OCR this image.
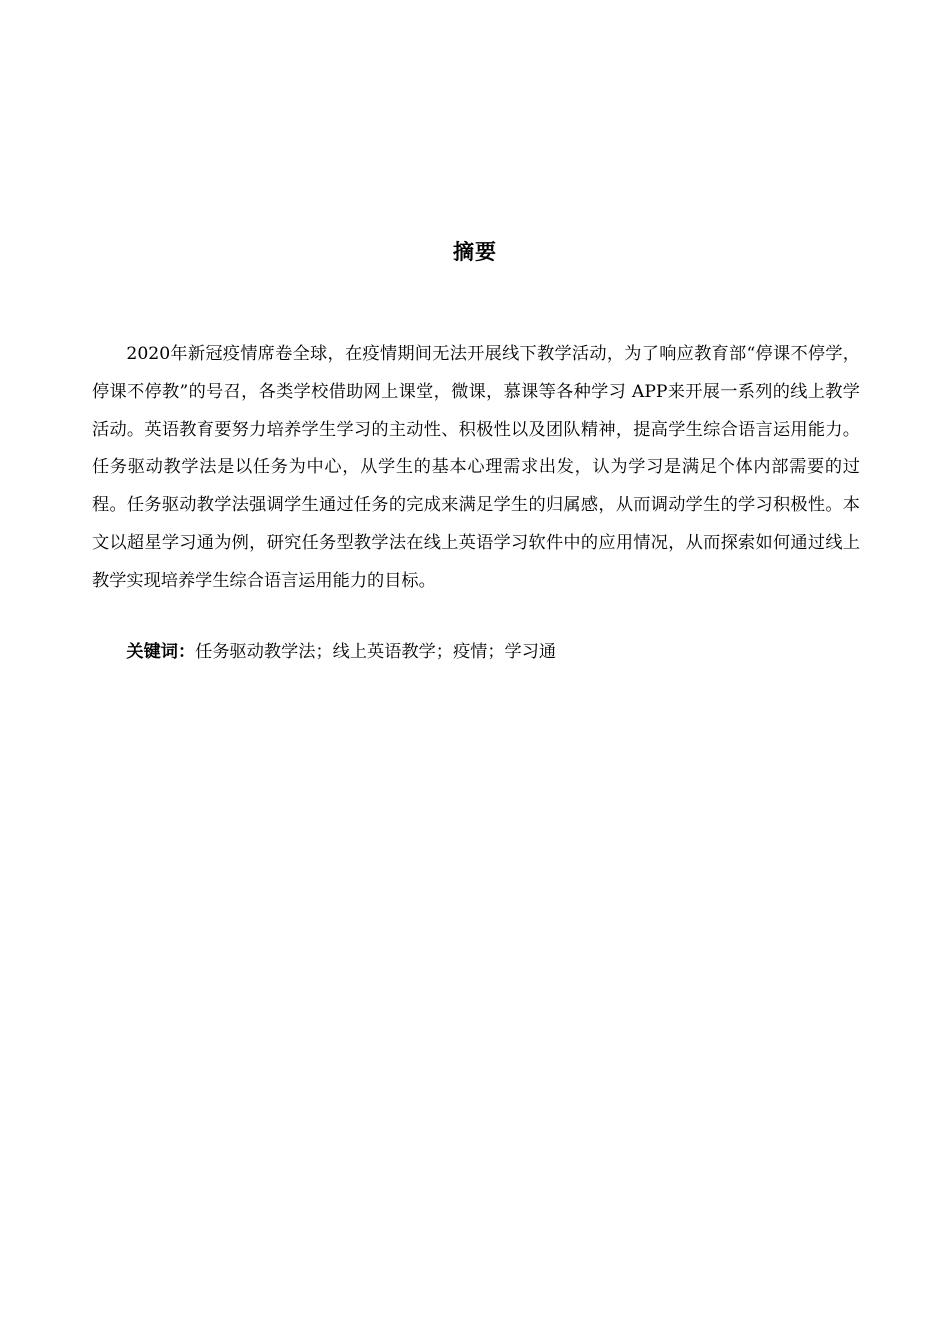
摘要

2020年新冠疫情席卷全球，在疫情期间无法开展线下教学活动，为了响应教育部“停课不停学，停课不停教”的号召，各类学校借助网上课堂，微课，慕课等各种学习 APP来开展一系列的线上教学活动。英语教育要努力培养学生学习的主动性、积极性以及团队精神，提高学生综合语言运用能力。任务驱动教学法是以任务为中心，从学生的基本心理需求出发，认为学习是满足个体内部需要的过程。任务驱动教学法强调学生通过任务的完成来满足学生的归属感，从而调动学生的学习积极性。本文以超星学习通为例，研究任务型教学法在线上英语学习软件中的应用情况，从而探索如何通过线上教学实现培养学生综合语言运用能力的目标。

关键词：任务驱动教学法；线上英语教学；疫情；学习通
